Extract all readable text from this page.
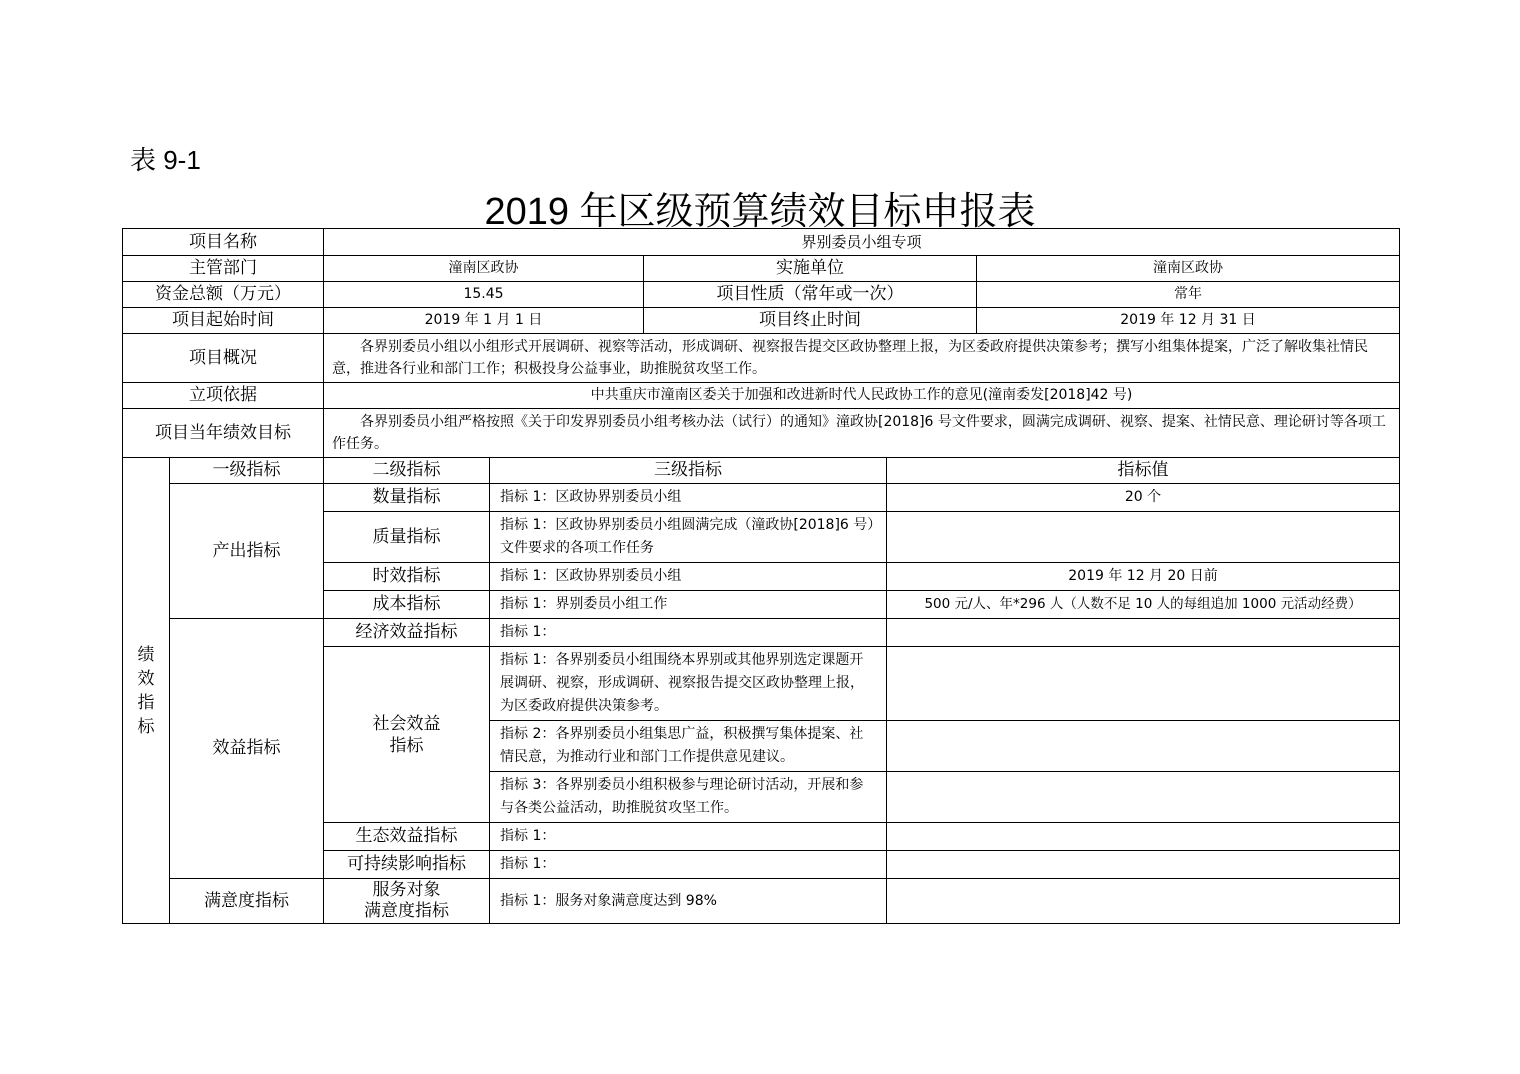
表 9-1
2019 年区级预算绩效目标申报表
项目名称		界别委员小组专项				
主管部门		潼南区政协		实施单位		潼南区政协
资金总额（万元）		15.45		项目性质（常年或一次）		常年
项目起始时间		2019 年 1 月 1 日		项目终止时间		2019 年 12 月 31 日
项目概况		各界别委员小组以小组形式开展调研、视察等活动，形成调研、视察报告提交区政协整理上报，为区委政府提供决策参考；撰写小组集体提案，广泛了解收集社情民意，推进各行业和部门工作；积极投身公益事业，助推脱贫攻坚工作。				
立项依据		中共重庆市潼南区委关于加强和改进新时代人民政协工作的意见(潼南委发[2018]42 号)				
项目当年绩效目标		各界别委员小组严格按照《关于印发界别委员小组考核办法（试行）的通知》潼政协[2018]6 号文件要求，圆满完成调研、视察、提案、社情民意、理论研讨等各项工作任务。				

绩
效
指
标	一级指标	二级指标	三级指标		指标值	
	产出指标	数量指标	指标 1：区政协界别委员小组		20 个	
		质量指标	指标 1：区政协界别委员小组圆满完成（潼政协[2018]6 号）文件要求的各项工作任务			
		时效指标	指标 1：区政协界别委员小组		2019 年 12 月 20 日前	
		成本指标	指标 1：界别委员小组工作		500 元/人、年*296 人（人数不足 10 人的每组追加 1000 元活动经费）	
	效益指标	经济效益指标	指标 1：			
		社会效益
指标	指标 1：各界别委员小组围绕本界别或其他界别选定课题开展调研、视察，形成调研、视察报告提交区政协整理上报，为区委政府提供决策参考。			
			指标 2：各界别委员小组集思广益，积极撰写集体提案、社情民意，为推动行业和部门工作提供意见建议。			
			指标 3：各界别委员小组积极参与理论研讨活动，开展和参与各类公益活动，助推脱贫攻坚工作。			
		生态效益指标	指标 1：			
		可持续影响指标	指标 1：			
	满意度指标	服务对象
满意度指标	指标 1：服务对象满意度达到 98%			
